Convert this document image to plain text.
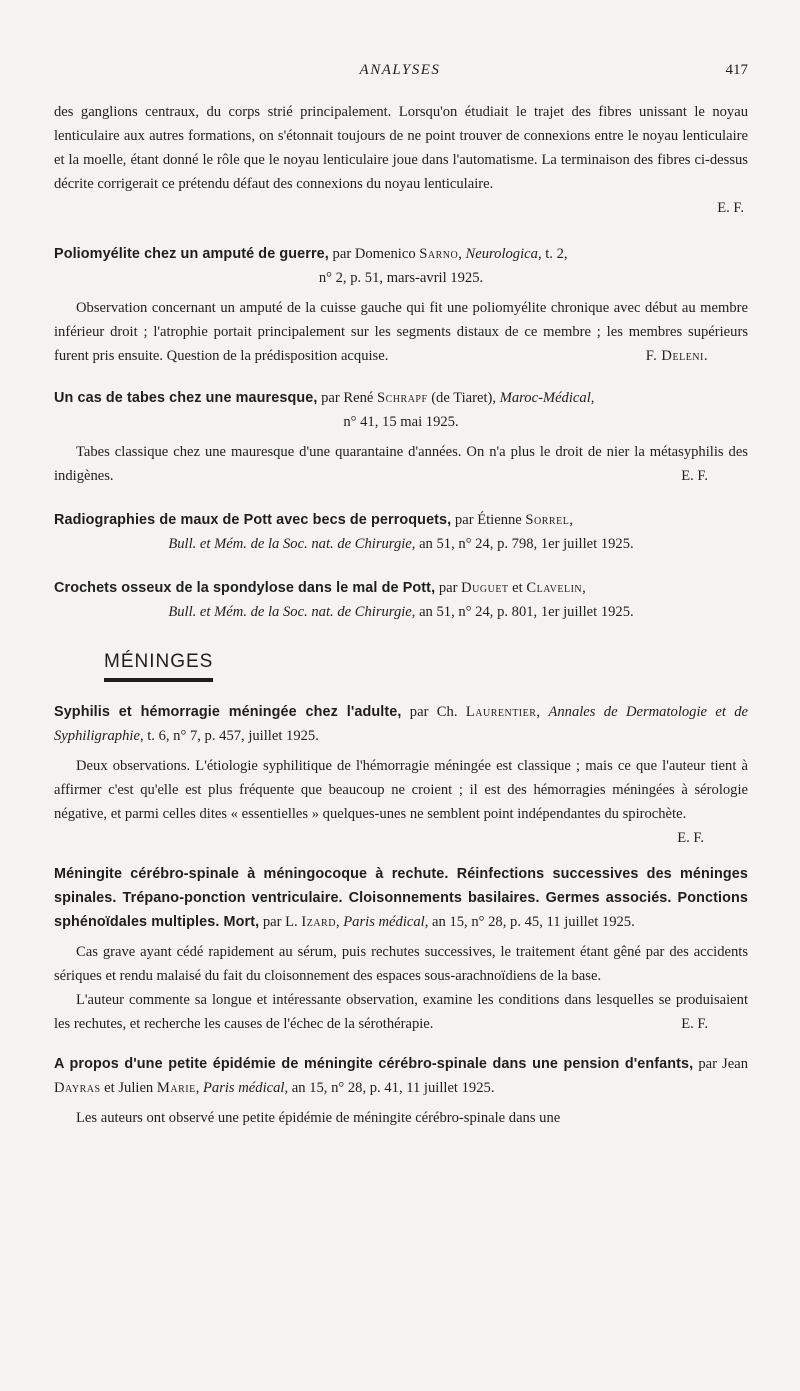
ANALYSES	417

des ganglions centraux, du corps strié principalement. Lorsqu'on étudiait le trajet des fibres unissant le noyau lenticulaire aux autres formations, on s'étonnait toujours de ne point trouver de connexions entre le noyau lenticulaire et la moelle, étant donné le rôle que le noyau lenticulaire joue dans l'automatisme. La terminaison des fibres ci-dessus décrite corrigerait ce prétendu défaut des connexions du noyau lenticulaire.

E. F.

Poliomyélite chez un amputé de guerre, par Domenico Sarno, Neurologica, t. 2,
n° 2, p. 51, mars-avril 1925.

Observation concernant un amputé de la cuisse gauche qui fit une poliomyélite chronique avec début au membre inférieur droit ; l'atrophie portait principalement sur les segments distaux de ce membre ; les membres supérieurs furent pris ensuite. Question de la prédisposition acquise.	F. Deleni.

Un cas de tabes chez une mauresque, par René Schrapf (de Tiaret), Maroc-Médical,
n° 41, 15 mai 1925.

Tabes classique chez une mauresque d'une quarantaine d'années. On n'a plus le droit de nier la métasyphilis des indigènes.	E. F.

Radiographies de maux de Pott avec becs de perroquets, par Étienne Sorrel,
Bull. et Mém. de la Soc. nat. de Chirurgie, an 51, n° 24, p. 798, 1er juillet 1925.
Crochets osseux de la spondylose dans le mal de Pott, par Duguet et Clavelin,
Bull. et Mém. de la Soc. nat. de Chirurgie, an 51, n° 24, p. 801, 1er juillet 1925.
MÉNINGES
Syphilis et hémorragie méningée chez l'adulte, par Ch. Laurentier, Annales de Dermatologie et de Syphiligraphie, t. 6, n° 7, p. 457, juillet 1925.

Deux observations. L'étiologie syphilitique de l'hémorragie méningée est classique ; mais ce que l'auteur tient à affirmer c'est qu'elle est plus fréquente que beaucoup ne croient ; il est des hémorragies méningées à sérologie négative, et parmi celles dites « essentielles » quelques-unes ne semblent point indépendantes du spirochète.

E. F.

Méningite cérébro-spinale à méningocoque à rechute. Réinfections successives des méninges spinales. Trépano-ponction ventriculaire. Cloisonnements basilaires. Germes associés. Ponctions sphénoïdales multiples. Mort, par L. Izard, Paris médical, an 15, n° 28, p. 45, 11 juillet 1925.

Cas grave ayant cédé rapidement au sérum, puis rechutes successives, le traitement étant gêné par des accidents sériques et rendu malaisé du fait du cloisonnement des espaces sous-arachnoïdiens de la base.

L'auteur commente sa longue et intéressante observation, examine les conditions dans lesquelles se produisaient les rechutes, et recherche les causes de l'échec de la sérothérapie.	E. F.

A propos d'une petite épidémie de méningite cérébro-spinale dans une pension d'enfants, par Jean Dayras et Julien Marie, Paris médical, an 15, n° 28, p. 41, 11 juillet 1925.

Les auteurs ont observé une petite épidémie de méningite cérébro-spinale dans une
